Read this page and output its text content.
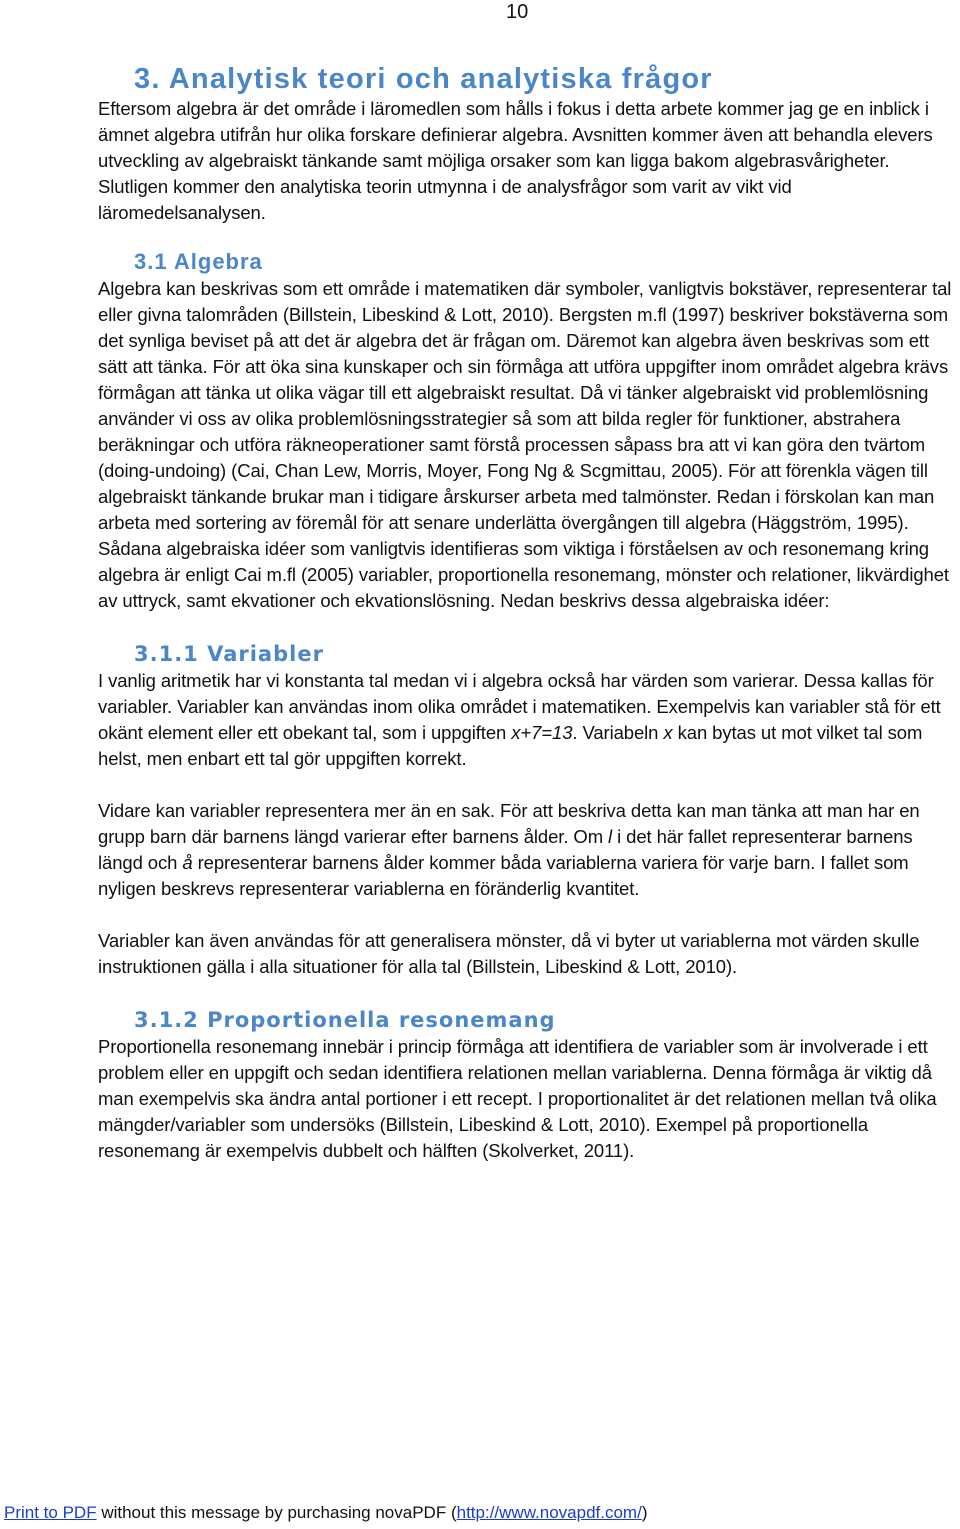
10
3. Analytisk teori och analytiska frågor

Eftersom algebra är det område i läromedlen som hålls i fokus i detta arbete kommer jag ge en inblick i ämnet algebra utifrån hur olika forskare definierar algebra. Avsnitten kommer även att behandla elevers utveckling av algebraiskt tänkande samt möjliga orsaker som kan ligga bakom algebrasvårigheter. Slutligen kommer den analytiska teorin utmynna i de analysfrågor som varit av vikt vid läromedelsanalysen.

3.1 Algebra

Algebra kan beskrivas som ett område i matematiken där symboler, vanligtvis bokstäver, representerar tal eller givna talområden (Billstein, Libeskind & Lott, 2010). Bergsten m.fl (1997) beskriver bokstäverna som det synliga beviset på att det är algebra det är frågan om. Däremot kan algebra även beskrivas som ett sätt att tänka. För att öka sina kunskaper och sin förmåga att utföra uppgifter inom området algebra krävs förmågan att tänka ut olika vägar till ett algebraiskt resultat. Då vi tänker algebraiskt vid problemlösning använder vi oss av olika problemlösningsstrategier så som att bilda regler för funktioner, abstrahera beräkningar och utföra räkneoperationer samt förstå processen såpass bra att vi kan göra den tvärtom (doing-undoing) (Cai, Chan Lew, Morris, Moyer, Fong Ng & Scgmittau, 2005). För att förenkla vägen till algebraiskt tänkande brukar man i tidigare årskurser arbeta med talmönster. Redan i förskolan kan man arbeta med sortering av föremål för att senare underlätta övergången till algebra (Häggström, 1995). Sådana algebraiska idéer som vanligtvis identifieras som viktiga i förståelsen av och resonemang kring algebra är enligt Cai m.fl (2005) variabler, proportionella resonemang, mönster och relationer, likvärdighet av uttryck, samt ekvationer och ekvationslösning. Nedan beskrivs dessa algebraiska idéer:

3.1.1 Variabler

I vanlig aritmetik har vi konstanta tal medan vi i algebra också har värden som varierar. Dessa kallas för variabler. Variabler kan användas inom olika området i matematiken. Exempelvis kan variabler stå för ett okänt element eller ett obekant tal, som i uppgiften x+7=13. Variabeln x kan bytas ut mot vilket tal som helst, men enbart ett tal gör uppgiften korrekt.

Vidare kan variabler representera mer än en sak. För att beskriva detta kan man tänka att man har en grupp barn där barnens längd varierar efter barnens ålder. Om l i det här fallet representerar barnens längd och å representerar barnens ålder kommer båda variablerna variera för varje barn. I fallet som nyligen beskrevs representerar variablerna en föränderlig kvantitet.

Variabler kan även användas för att generalisera mönster, då vi byter ut variablerna mot värden skulle instruktionen gälla i alla situationer för alla tal (Billstein, Libeskind & Lott, 2010).

3.1.2 Proportionella resonemang

Proportionella resonemang innebär i princip förmåga att identifiera de variabler som är involverade i ett problem eller en uppgift och sedan identifiera relationen mellan variablerna. Denna förmåga är viktig då man exempelvis ska ändra antal portioner i ett recept. I proportionalitet är det relationen mellan två olika mängder/variabler som undersöks (Billstein, Libeskind & Lott, 2010). Exempel på proportionella resonemang är exempelvis dubbelt och hälften (Skolverket, 2011).

Print to PDF without this message by purchasing novaPDF (http://www.novapdf.com/)
